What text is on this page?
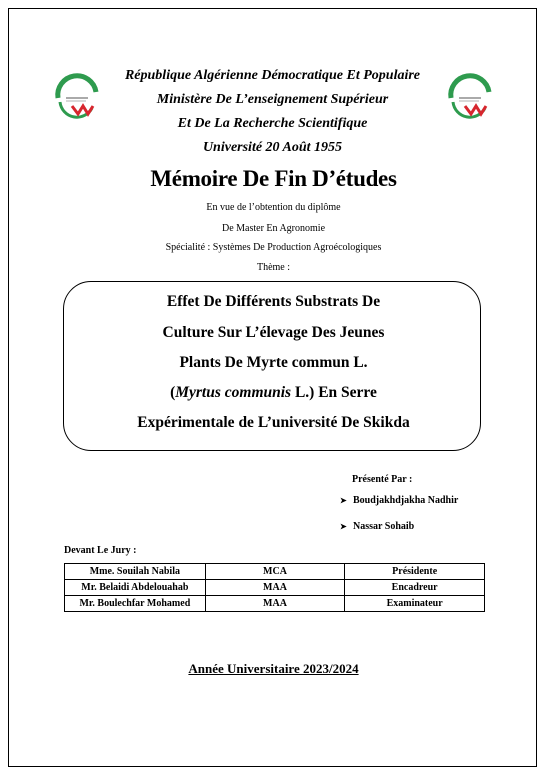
République Algérienne Démocratique Et Populaire
Ministère De L’enseignement Supérieur
Et De La Recherche Scientifique
Université 20 Août 1955
Mémoire De Fin D’études
En vue de l’obtention du diplôme
De Master En Agronomie
Spécialité : Systèmes De Production Agroécologiques
Thème :
Effet De Différents Substrats De
Culture Sur L’élevage Des Jeunes
Plants De Myrte commun L.
(Myrtus communis L.) En Serre
Expérimentale de L’université De Skikda
Présenté Par :
➤ Boudjakhdjakha Nadhir
➤ Nassar Sohaib
Devant Le Jury :
Mme. Souilah Nabila	MCA	Présidente
Mr. Belaidi Abdelouahab	MAA	Encadreur
Mr. Boulechfar Mohamed	MAA	Examinateur
Année Universitaire 2023/2024
